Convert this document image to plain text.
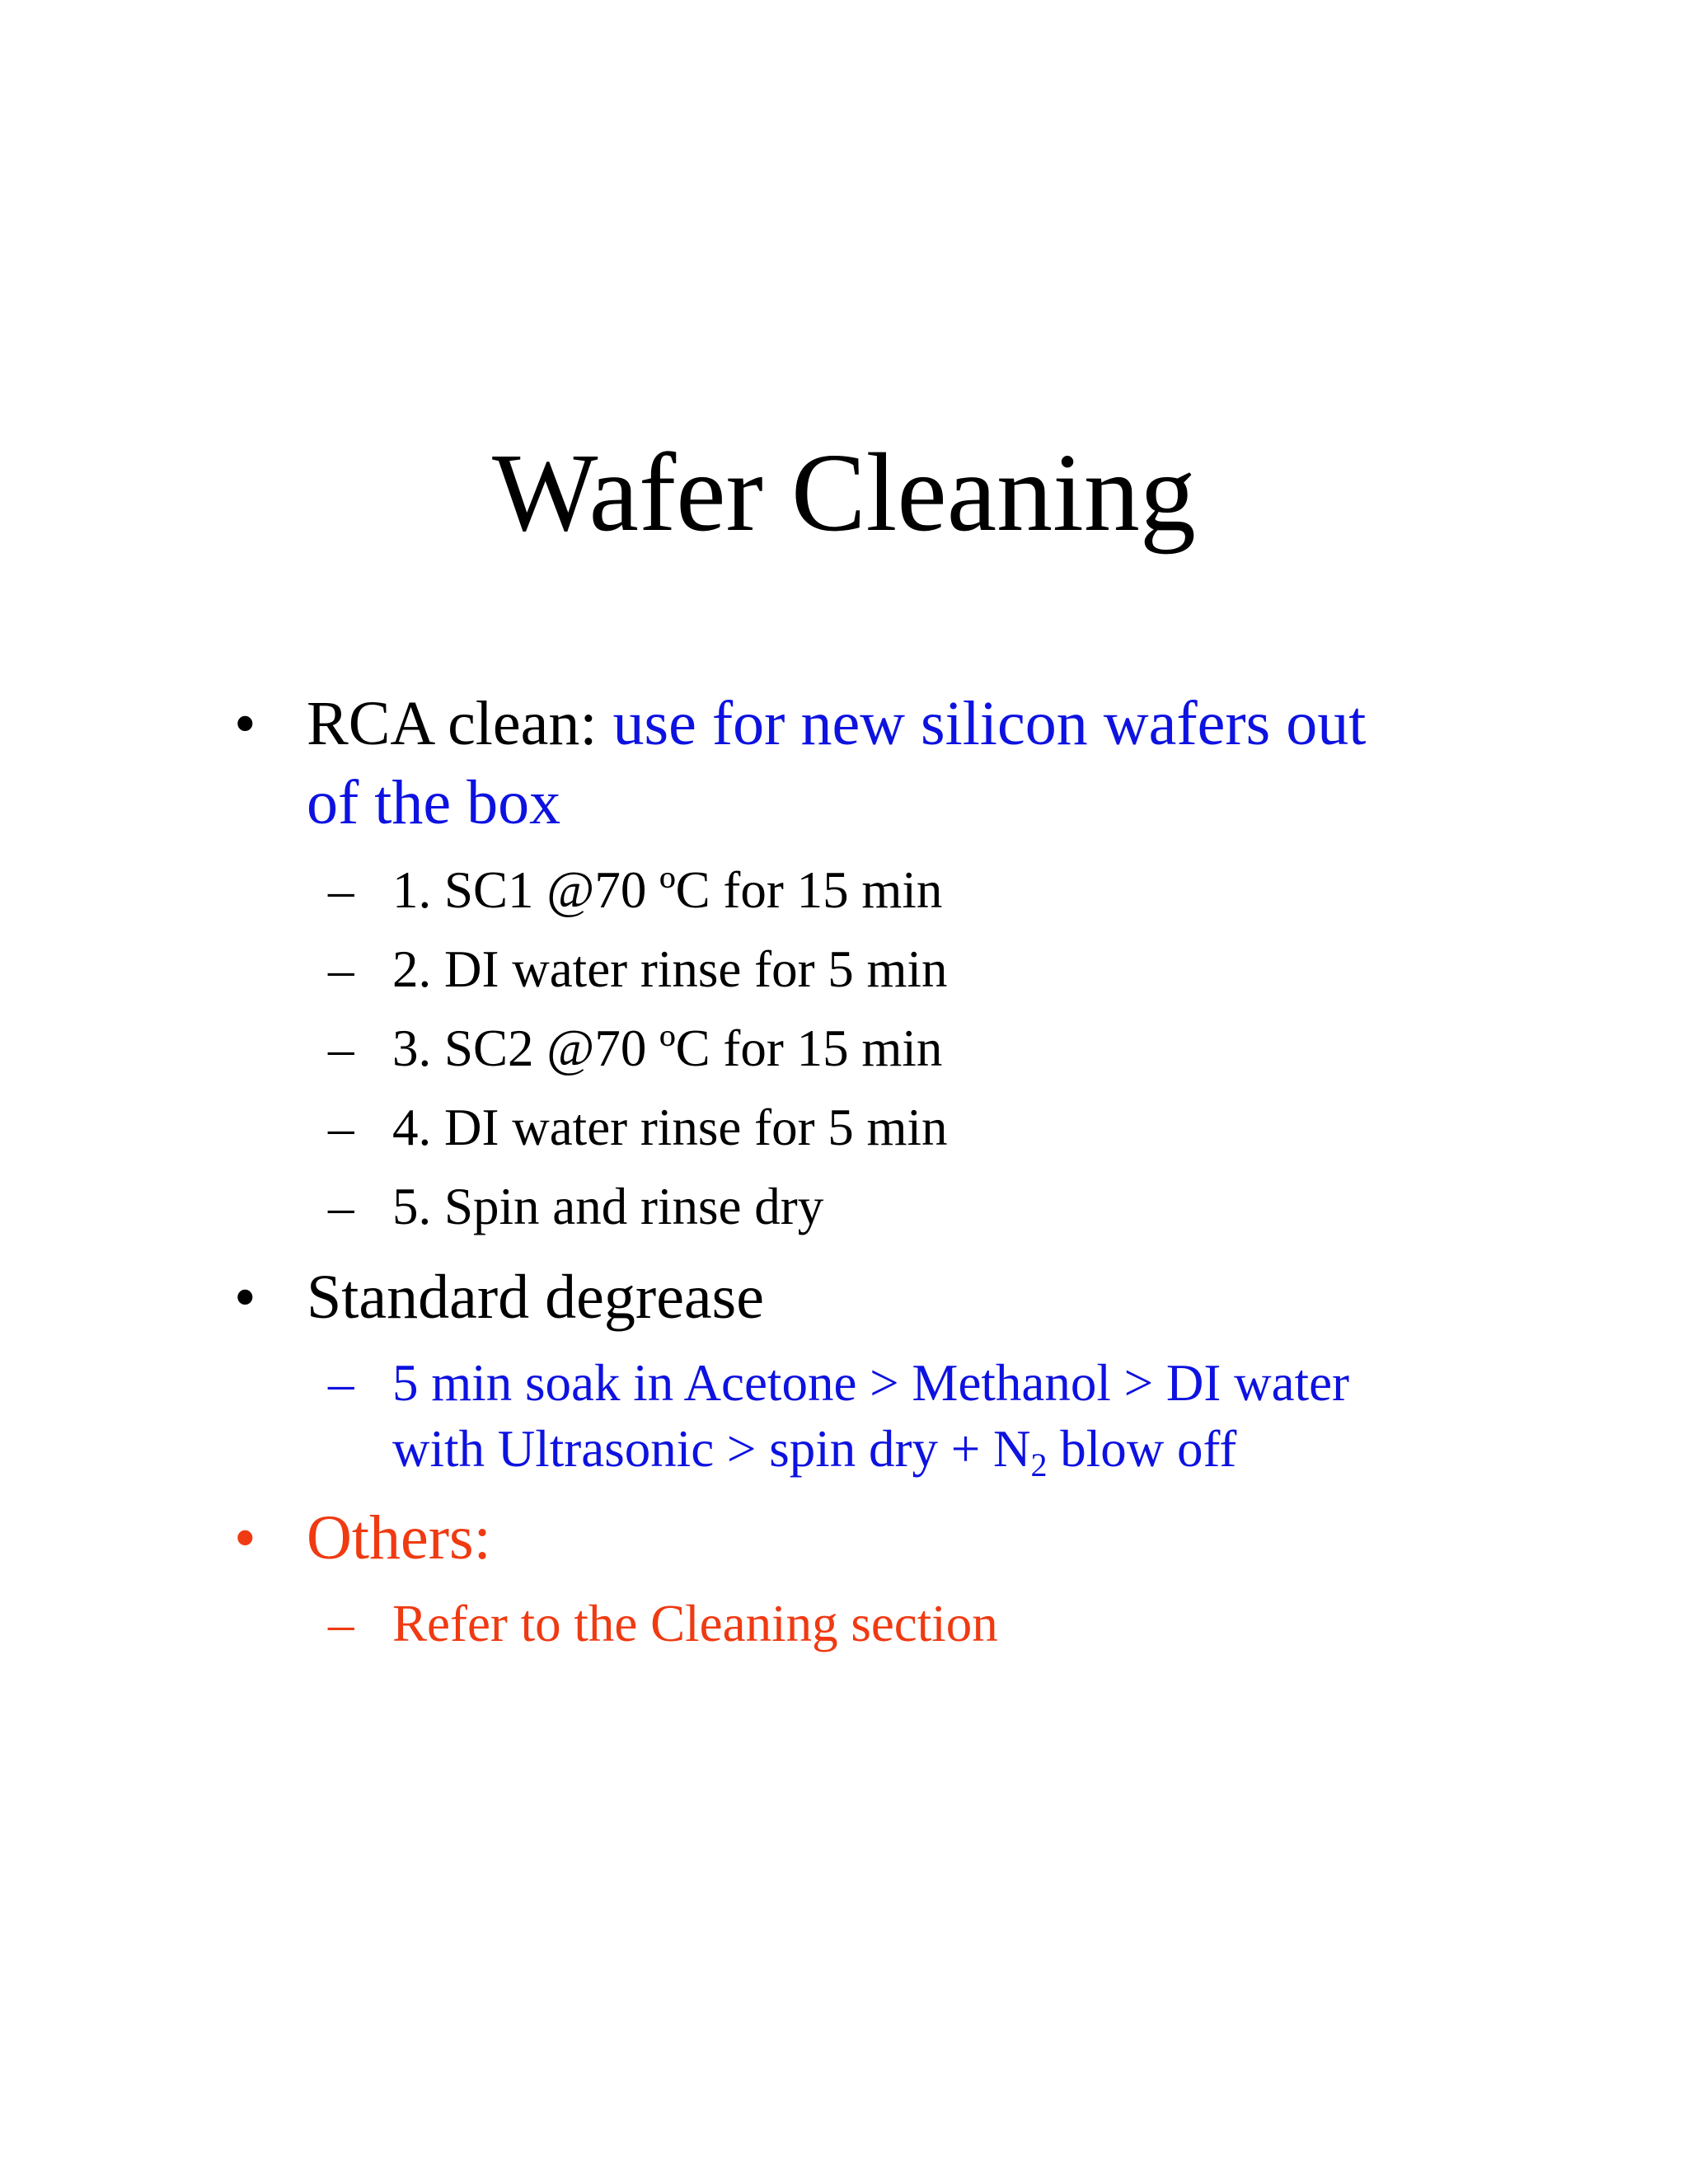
Wafer Cleaning
• RCA clean: use for new silicon wafers out
of the box
– 1. SC1 @70 ºC for 15 min
– 2. DI water rinse for 5 min
– 3. SC2 @70 ºC for 15 min
– 4. DI water rinse for 5 min
– 5. Spin and rinse dry
• Standard degrease
– 5 min soak in Acetone > Methanol > DI water
with Ultrasonic > spin dry + $N_2$ blow off
• Others:
– Refer to the Cleaning section
